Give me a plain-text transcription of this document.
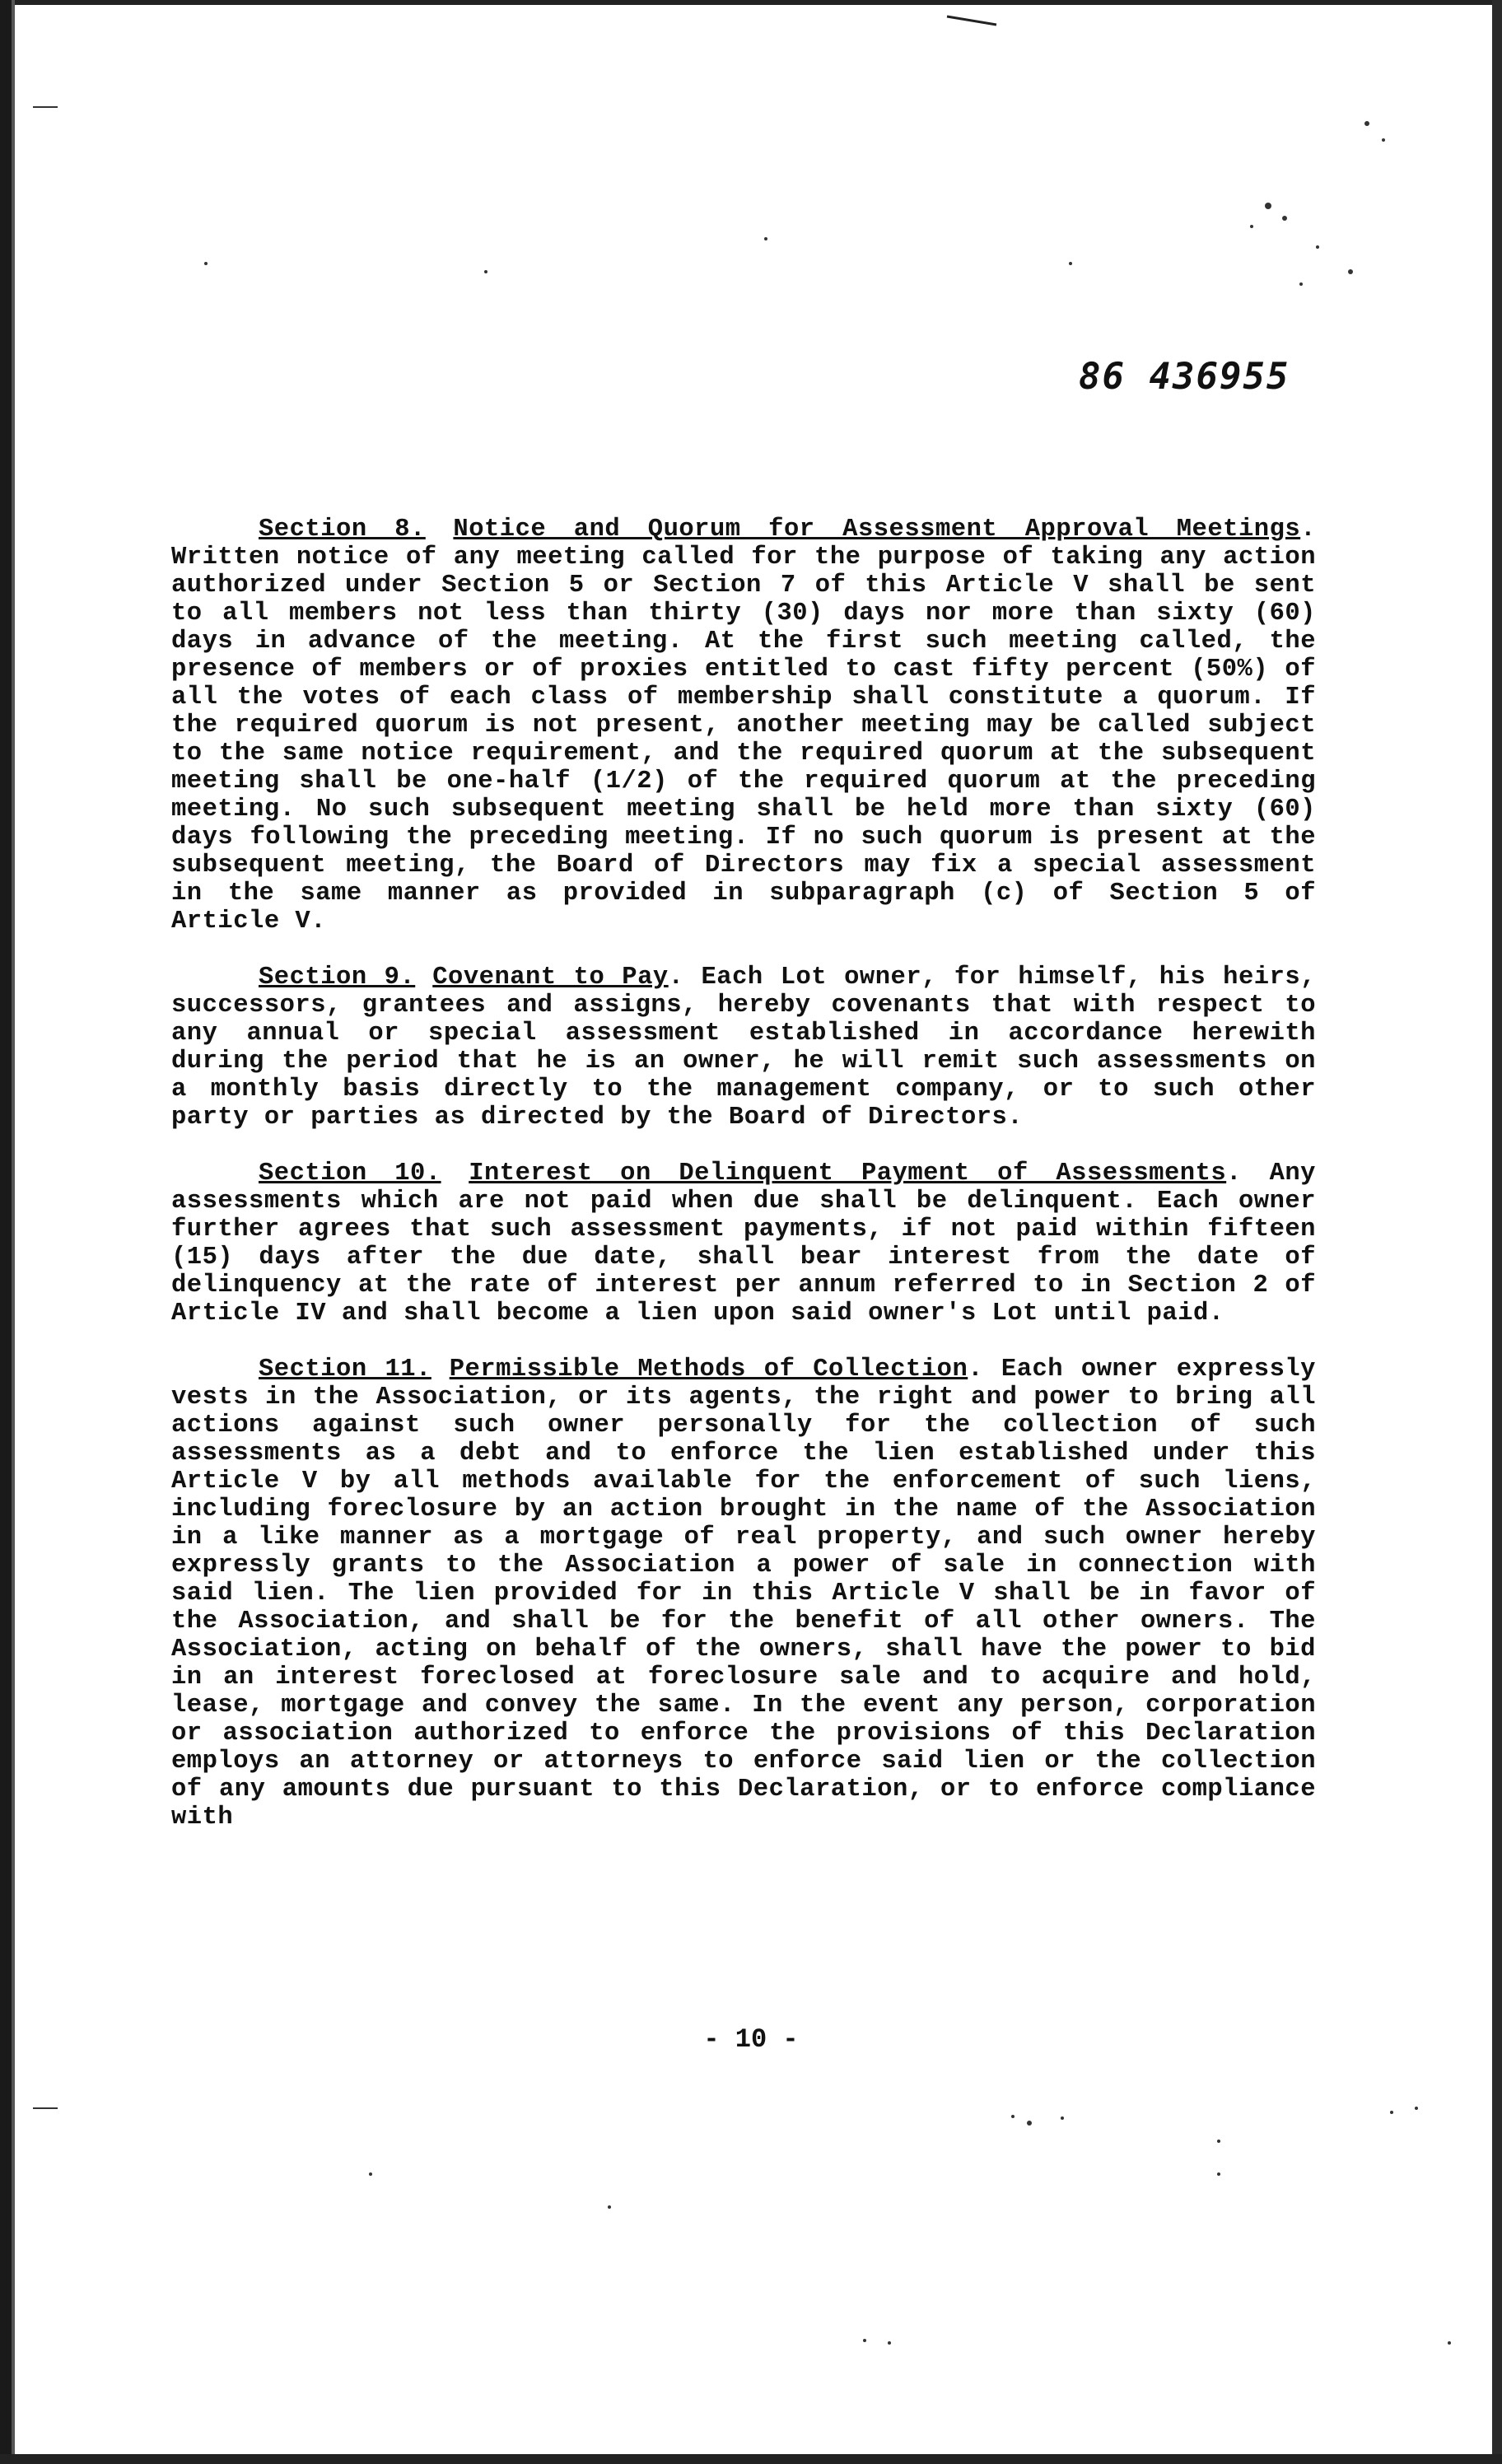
86 436955

Section 8. Notice and Quorum for Assessment Approval Meetings. Written notice of any meeting called for the purpose of taking any action authorized under Section 5 or Section 7 of this Article V shall be sent to all members not less than thirty (30) days nor more than sixty (60) days in advance of the meeting. At the first such meeting called, the presence of members or of proxies entitled to cast fifty percent (50%) of all the votes of each class of membership shall constitute a quorum. If the required quorum is not present, another meeting may be called subject to the same notice requirement, and the required quorum at the subsequent meeting shall be one-half (1/2) of the required quorum at the preceding meeting. No such subsequent meeting shall be held more than sixty (60) days following the preceding meeting. If no such quorum is present at the subsequent meeting, the Board of Directors may fix a special assessment in the same manner as provided in subparagraph (c) of Section 5 of Article V.

Section 9. Covenant to Pay. Each Lot owner, for himself, his heirs, successors, grantees and assigns, hereby covenants that with respect to any annual or special assessment established in accordance herewith during the period that he is an owner, he will remit such assessments on a monthly basis directly to the management company, or to such other party or parties as directed by the Board of Directors.

Section 10. Interest on Delinquent Payment of Assessments. Any assessments which are not paid when due shall be delinquent. Each owner further agrees that such assessment payments, if not paid within fifteen (15) days after the due date, shall bear interest from the date of delinquency at the rate of interest per annum referred to in Section 2 of Article IV and shall become a lien upon said owner's Lot until paid.

Section 11. Permissible Methods of Collection. Each owner expressly vests in the Association, or its agents, the right and power to bring all actions against such owner personally for the collection of such assessments as a debt and to enforce the lien established under this Article V by all methods available for the enforcement of such liens, including foreclosure by an action brought in the name of the Association in a like manner as a mortgage of real property, and such owner hereby expressly grants to the Association a power of sale in connection with said lien. The lien provided for in this Article V shall be in favor of the Association, and shall be for the benefit of all other owners. The Association, acting on behalf of the owners, shall have the power to bid in an interest foreclosed at foreclosure sale and to acquire and hold, lease, mortgage and convey the same. In the event any person, corporation or association authorized to enforce the provisions of this Declaration employs an attorney or attorneys to enforce said lien or the collection of any amounts due pursuant to this Declaration, or to enforce compliance with

- 10 -
